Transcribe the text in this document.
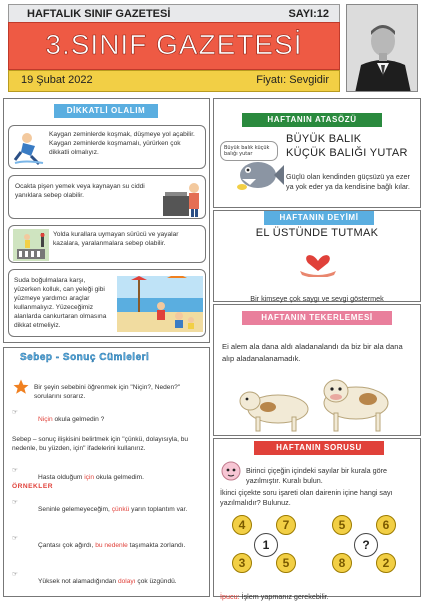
HAFTALIK SINIF GAZETESİ	SAYI:12
3.SINIF GAZETESİ
19 Şubat 2022	Fiyatı: Sevgidir
DİKKATLİ OLALIM

Kaygan zeminlerde koşmak, düşmeye yol açabilir. Kaygan zeminlerde koşmamalı, yürürken çok dikkatli olmalıyız.

Ocakta pişen yemek veya kaynayan su ciddi yanıklara sebep olabilir.

Yolda kurallara uymayan sürücü ve yayalar kazalara, yaralanmalara sebep olabilir.

Suda boğulmalara karşı, yüzerken kolluk, can yeleği gibi yüzmeye yardımcı araçlar kullanmalıyız. Yüzeceğimiz alanlarda cankurtaran olmasına dikkat etmeliyiz.

Sebep - Sonuç Cümleleri

Bir şeyin sebebini öğrenmek için "Niçin?, Neden?" sorularını sorarız.

☞

Niçin okula gelmedin ?

Sebep – sonuç ilişkisini belirtmek için "çünkü, dolayısıyla, bu nedenle, bu yüzden, için" ifadelerini kullanırız.

☞

Hasta olduğum için okula gelmedim.

ÖRNEKLER
☞

Seninle gelemeyeceğim, çünkü yarın toplantım var.

☞

Çantası çok ağırdı, bu nedenle taşımakta zorlandı.

☞

Yüksek not alamadığından dolayı çok üzgündü.

HAFTANIN ATASÖZÜ
Büyük balık küçük balığı yutar
BÜYÜK BALIK
KÜÇÜK BALIĞI YUTAR

Güçlü olan kendinden güçsüzü ya ezer ya yok eder ya da kendisine bağlı kılar.

HAFTANIN DEYİMİ
EL ÜSTÜNDE TUTMAK

Bir kimseye çok saygı ve sevgi göstermek

HAFTANIN TEKERLEMESİ

Ei alem ala dana aldı aladanalandı da biz bir ala dana alıp aladanalanamadık.

HAFTANIN SORUSU

Birinci çiçeğin içindeki sayılar bir kurala göre yazılmıştır. Kuralı bulun.

İkinci çiçekte soru işareti olan dairenin içine hangi sayı yazılmalıdır? Bulunuz.

4	7
3	5
1
5	6
8	2
?

İpucu: İşlem yapmanız gerekebilir.
